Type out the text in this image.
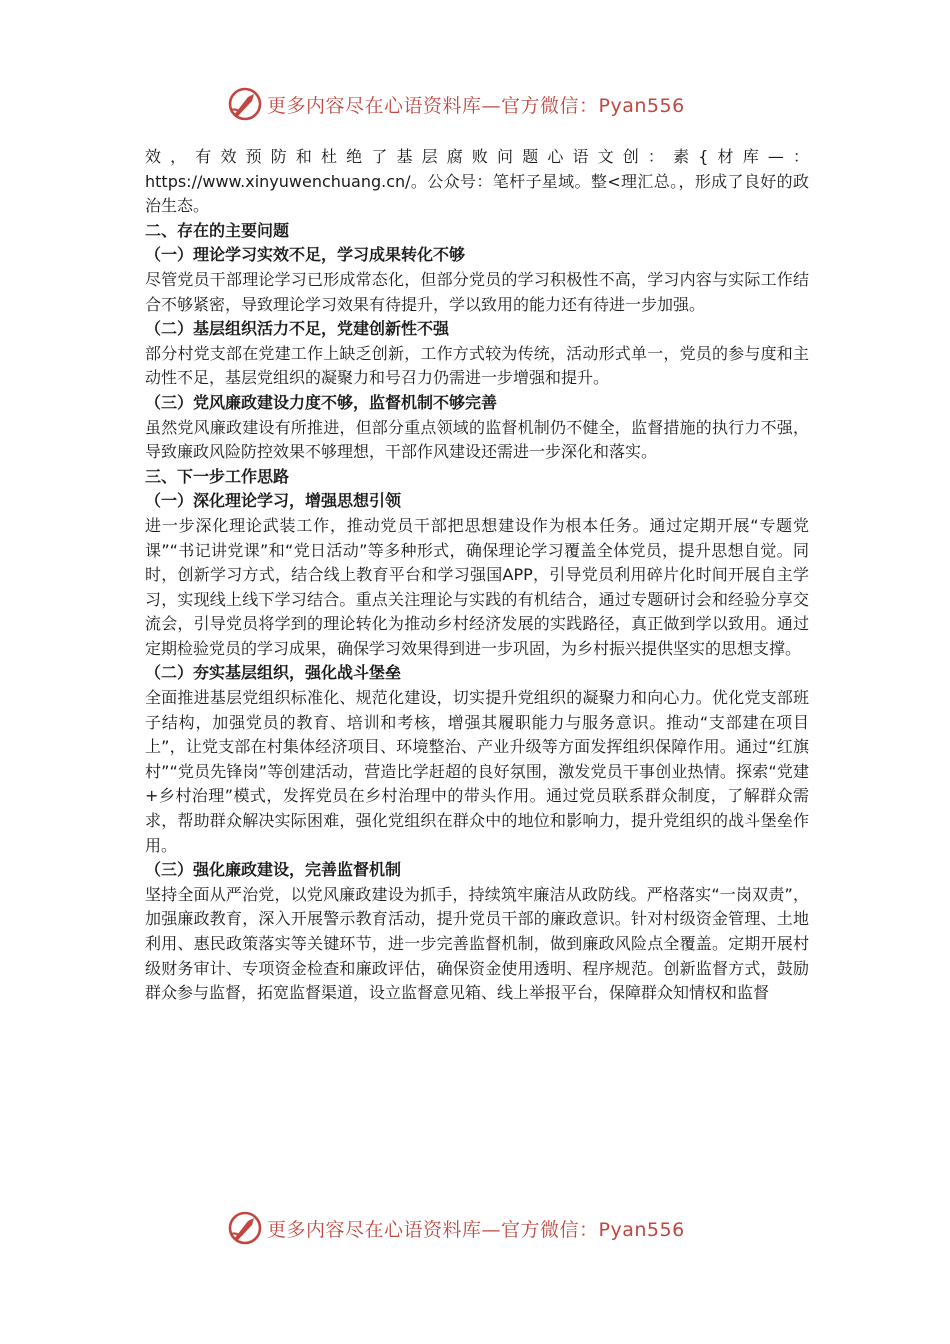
更多内容尽在心语资料库—官方微信：Pyan556

效，有效预防和杜绝了基层腐败问题心语文创：素{材库—：https://www.xinyuwenchuang.cn/。公众号：笔杆子星域。整<理汇总。，形成了良好的政治生态。

二、存在的主要问题
（一）理论学习实效不足，学习成果转化不够

尽管党员干部理论学习已形成常态化，但部分党员的学习积极性不高，学习内容与实际工作结合不够紧密，导致理论学习效果有待提升，学以致用的能力还有待进一步加强。

（二）基层组织活力不足，党建创新性不强

部分村党支部在党建工作上缺乏创新，工作方式较为传统，活动形式单一，党员的参与度和主动性不足，基层党组织的凝聚力和号召力仍需进一步增强和提升。

（三）党风廉政建设力度不够，监督机制不够完善

虽然党风廉政建设有所推进，但部分重点领域的监督机制仍不健全，监督措施的执行力不强，导致廉政风险防控效果不够理想，干部作风建设还需进一步深化和落实。

三、下一步工作思路
（一）深化理论学习，增强思想引领

进一步深化理论武装工作，推动党员干部把思想建设作为根本任务。通过定期开展“专题党课”“书记讲党课”和“党日活动”等多种形式，确保理论学习覆盖全体党员，提升思想自觉。同时，创新学习方式，结合线上教育平台和学习强国APP，引导党员利用碎片化时间开展自主学习，实现线上线下学习结合。重点关注理论与实践的有机结合，通过专题研讨会和经验分享交流会，引导党员将学到的理论转化为推动乡村经济发展的实践路径，真正做到学以致用。通过定期检验党员的学习成果，确保学习效果得到进一步巩固，为乡村振兴提供坚实的思想支撑。

（二）夯实基层组织，强化战斗堡垒

全面推进基层党组织标准化、规范化建设，切实提升党组织的凝聚力和向心力。优化党支部班子结构，加强党员的教育、培训和考核，增强其履职能力与服务意识。推动“支部建在项目上”，让党支部在村集体经济项目、环境整治、产业升级等方面发挥组织保障作用。通过“红旗村”“党员先锋岗”等创建活动，营造比学赶超的良好氛围，激发党员干事创业热情。探索“党建+乡村治理”模式，发挥党员在乡村治理中的带头作用。通过党员联系群众制度，了解群众需求，帮助群众解决实际困难，强化党组织在群众中的地位和影响力，提升党组织的战斗堡垒作用。

（三）强化廉政建设，完善监督机制

坚持全面从严治党，以党风廉政建设为抓手，持续筑牢廉洁从政防线。严格落实“一岗双责”，加强廉政教育，深入开展警示教育活动，提升党员干部的廉政意识。针对村级资金管理、土地利用、惠民政策落实等关键环节，进一步完善监督机制，做到廉政风险点全覆盖。定期开展村级财务审计、专项资金检查和廉政评估，确保资金使用透明、程序规范。创新监督方式，鼓励群众参与监督，拓宽监督渠道，设立监督意见箱、线上举报平台，保障群众知情权和监督

更多内容尽在心语资料库—官方微信：Pyan556
